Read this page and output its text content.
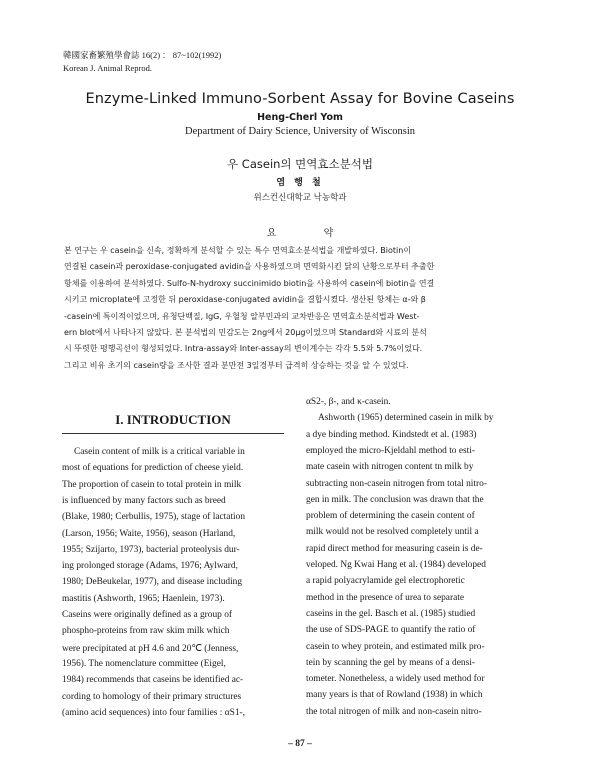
韓國家畜繁殖學會誌 16(2) ： 87~102(1992)
Korean J. Animal Reprod.
Enzyme-Linked Immuno-Sorbent Assay for Bovine Caseins
Heng-Cherl Yom
Department of Dairy Science, University of Wisconsin
우 Casein의 면역효소분석법
염 행 철
위스컨신대학교 낙농학과
요 약
본 연구는 우 casein을 신속, 정확하게 분석할 수 있는 특수 면역효소분석법을 개발하였다. Biotin이
연결된 casein과 peroxidase-conjugated avidin을 사용하였으며 면역화시킨 닭의 난황으로부터 추출한
항체를 이용하여 분석하였다. Sulfo-N-hydroxy succinimido biotin을 사용하여 casein에 biotin을 연결
시키고 microplate에 고정한 뒤 peroxidase-conjugated avidin을 결합시켰다. 생산된 항체는 α-와 β
-casein에 특이적이었으며, 유청단백질, IgG, 우혈청 알부민과의 교차반응은 면역효소분석법과 West-
ern blot에서 나타나지 않았다. 본 분석법의 민감도는 2ng에서 20μg이었으며 Standard와 시료의 분석
시 뚜렷한 평행곡선이 형성되었다. Intra-assay와 Inter-assay의 변이계수는 각각 5.5와 5.7%이었다.
그리고 비유 초기의 casein량을 조사한 결과 분만전 3일경부터 급격히 상승하는 것을 알 수 있었다.
I. INTRODUCTION
Casein content of milk is a critical variable in
most of equations for prediction of cheese yield.
The proportion of casein to total protein in milk
is influenced by many factors such as breed
(Blake, 1980; Cerbullis, 1975), stage of lactation
(Larson, 1956; Waite, 1956), season (Harland,
1955; Szijarto, 1973), bacterial proteolysis dur-
ing prolonged storage (Adams, 1976; Aylward,
1980; DeBeukelar, 1977), and disease including
mastitis (Ashworth, 1965; Haenlein, 1973).
Caseins were originally defined as a group of
phospho-proteins from raw skim milk which
were precipitated at pH 4.6 and 20℃ (Jenness,
1956). The nomenclature committee (Eigel,
1984) recommends that caseins be identified ac-
cording to homology of their primary structures
(amino acid sequences) into four families : αS1-,
αS2-, β-, and κ-casein.
Ashworth (1965) determined casein in milk by
a dye binding method. Kindstedt et al. (1983)
employed the micro-Kjeldahl method to esti-
mate casein with nitrogen content tn milk by
subtracting non-casein nitrogen from total nitro-
gen in milk. The conclusion was drawn that the
problem of determining the casein content of
milk would not be resolved completely until a
rapid direct method for measuring casein is de-
veloped. Ng Kwai Hang et al. (1984) developed
a rapid polyacrylamide gel electrophoretic
method in the presence of urea to separate
caseins in the gel. Basch et al. (1985) studied
the use of SDS-PAGE to quantify the ratio of
casein to whey protein, and estimated milk pro-
tein by scanning the gel by means of a densi-
tometer. Nonetheless, a widely used method for
many years is that of Rowland (1938) in which
the total nitrogen of milk and non-casein nitro-
– 87 –
